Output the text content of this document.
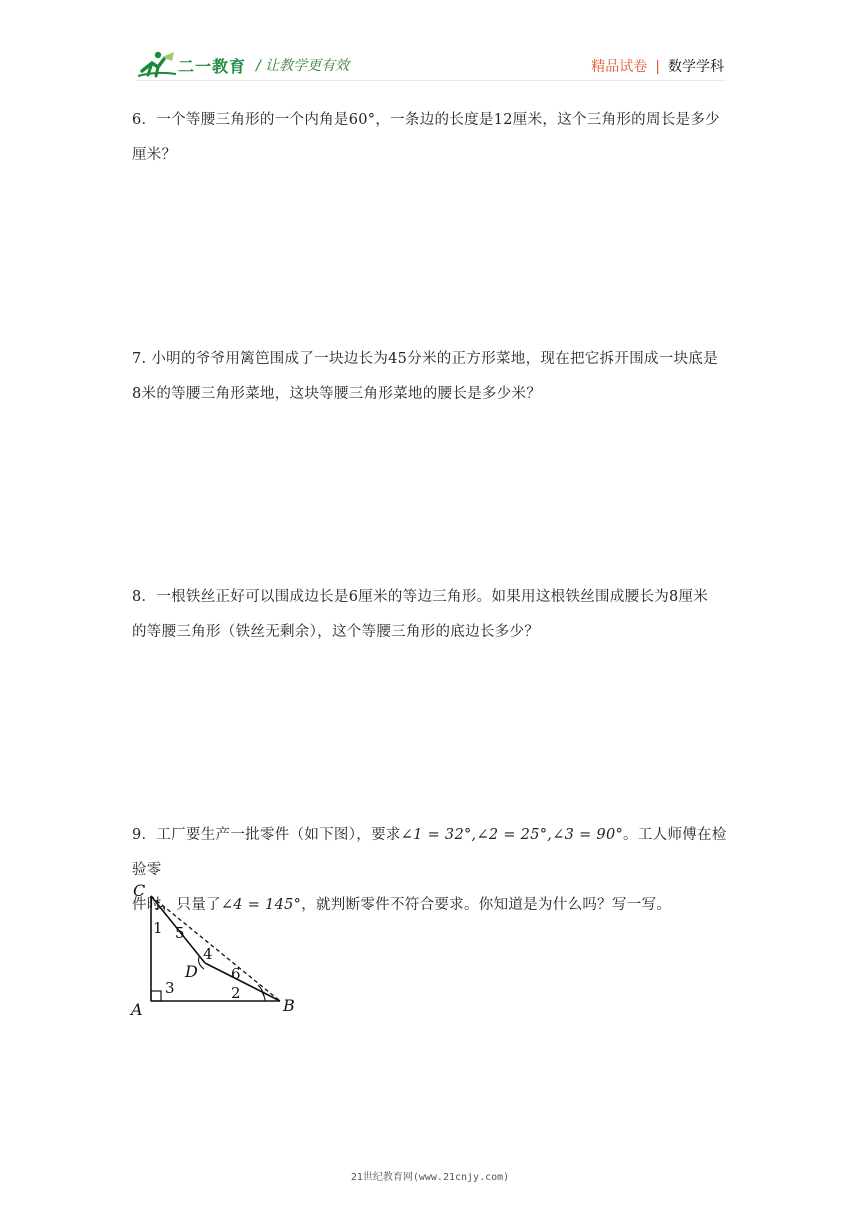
二一教育 / 让教学更有效	精品试卷 | 数学学科

6．一个等腰三角形的一个内角是60°，一条边的长度是12厘米，这个三角形的周长是多少

厘米？

7. 小明的爷爷用篱笆围成了一块边长为45分米的正方形菜地，现在把它拆开围成一块底是

8米的等腰三角形菜地，这块等腰三角形菜地的腰长是多少米？

8．一根铁丝正好可以围成边长是6厘米的等边三角形。如果用这根铁丝围成腰长为8厘米

的等腰三角形（铁丝无剩余），这个等腰三角形的底边长多少？

9．工厂要生产一批零件（如下图），要求∠1 = 32°,∠2 = 25°,∠3 = 90°。工人师傅在检验零

件时，只量了∠4 = 145°，就判断零件不符合要求。你知道是为什么吗？写一写。

C
A	B
D
1 5
4
6
3	2
21世纪教育网(www.21cnjy.com)
